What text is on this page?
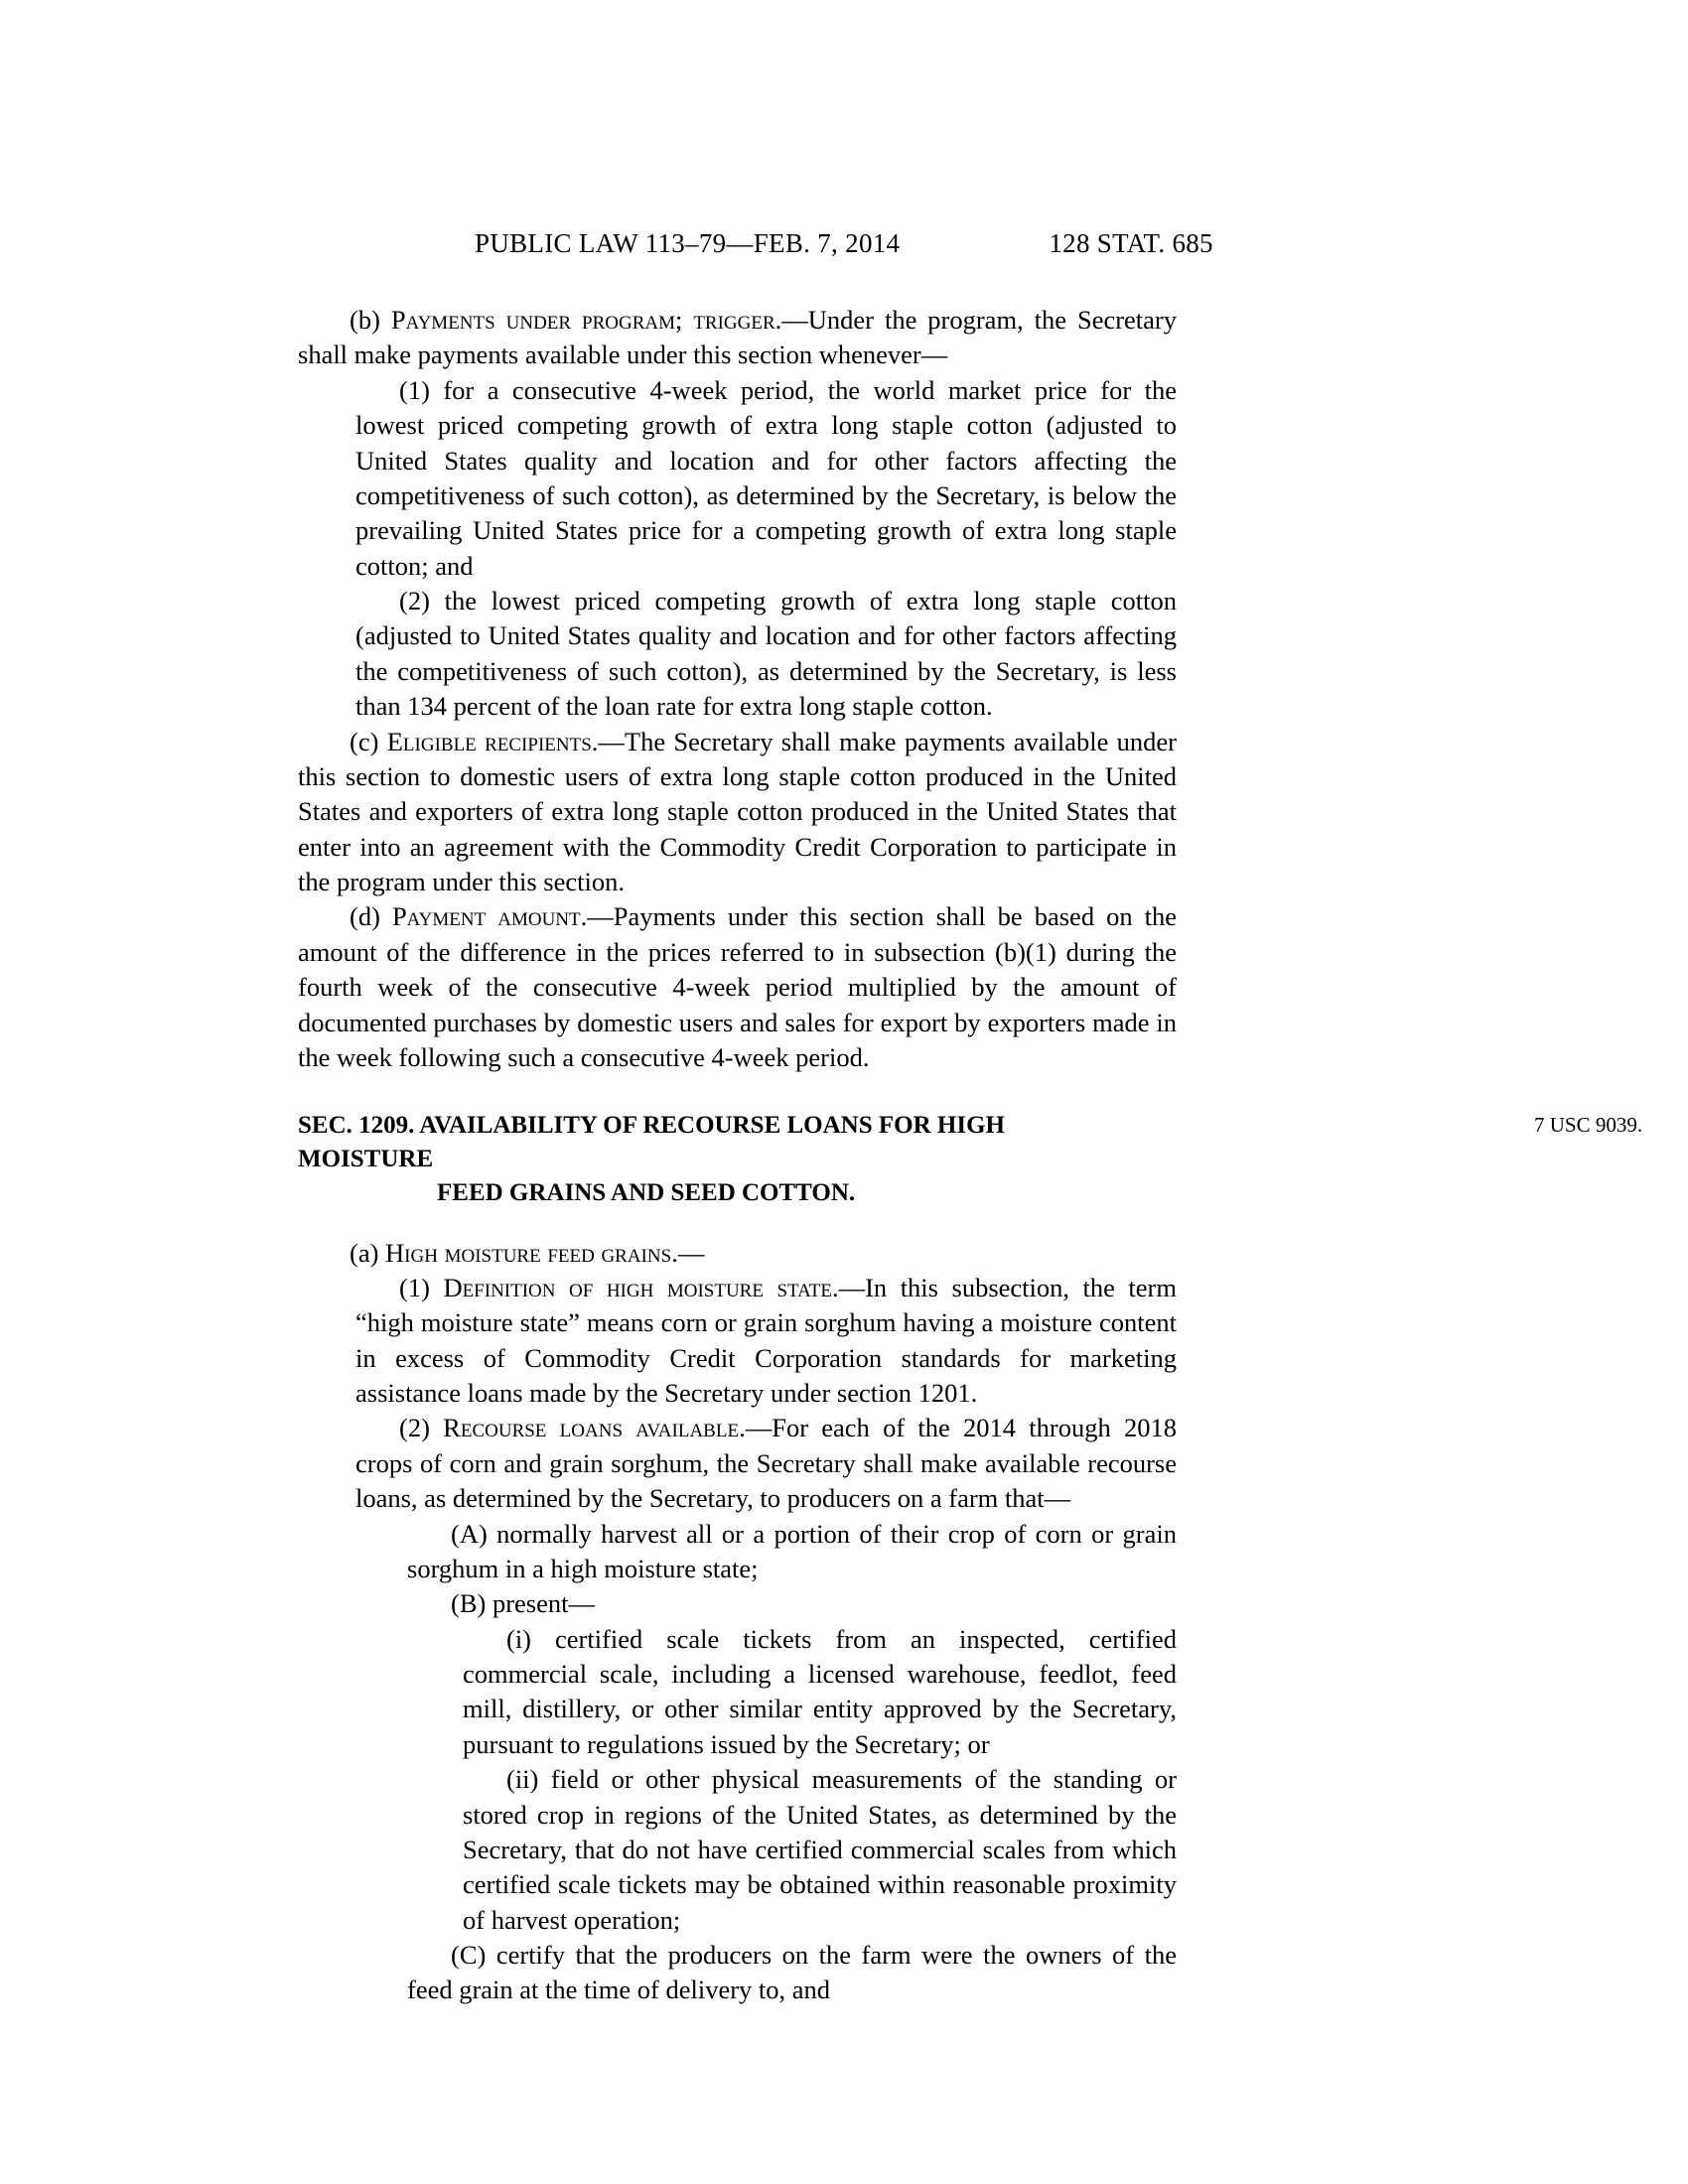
PUBLIC LAW 113–79—FEB. 7, 2014	128 STAT. 685

(b) Payments under program; trigger.—Under the program, the Secretary shall make payments available under this section whenever—

(1) for a consecutive 4-week period, the world market price for the lowest priced competing growth of extra long staple cotton (adjusted to United States quality and location and for other factors affecting the competitiveness of such cotton), as determined by the Secretary, is below the prevailing United States price for a competing growth of extra long staple cotton; and

(2) the lowest priced competing growth of extra long staple cotton (adjusted to United States quality and location and for other factors affecting the competitiveness of such cotton), as determined by the Secretary, is less than 134 percent of the loan rate for extra long staple cotton.

(c) Eligible recipients.—The Secretary shall make payments available under this section to domestic users of extra long staple cotton produced in the United States and exporters of extra long staple cotton produced in the United States that enter into an agreement with the Commodity Credit Corporation to participate in the program under this section.

(d) Payment amount.—Payments under this section shall be based on the amount of the difference in the prices referred to in subsection (b)(1) during the fourth week of the consecutive 4-week period multiplied by the amount of documented purchases by domestic users and sales for export by exporters made in the week following such a consecutive 4-week period.

SEC. 1209. AVAILABILITY OF RECOURSE LOANS FOR HIGH MOISTURE
FEED GRAINS AND SEED COTTON.
7 USC 9039.

(a) High moisture feed grains.—

(1) Definition of high moisture state.—In this subsection, the term “high moisture state” means corn or grain sorghum having a moisture content in excess of Commodity Credit Corporation standards for marketing assistance loans made by the Secretary under section 1201.

(2) Recourse loans available.—For each of the 2014 through 2018 crops of corn and grain sorghum, the Secretary shall make available recourse loans, as determined by the Secretary, to producers on a farm that—

(A) normally harvest all or a portion of their crop of corn or grain sorghum in a high moisture state;

(B) present—

(i) certified scale tickets from an inspected, certified commercial scale, including a licensed warehouse, feedlot, feed mill, distillery, or other similar entity approved by the Secretary, pursuant to regulations issued by the Secretary; or

(ii) field or other physical measurements of the standing or stored crop in regions of the United States, as determined by the Secretary, that do not have certified commercial scales from which certified scale tickets may be obtained within reasonable proximity of harvest operation;

(C) certify that the producers on the farm were the owners of the feed grain at the time of delivery to, and
